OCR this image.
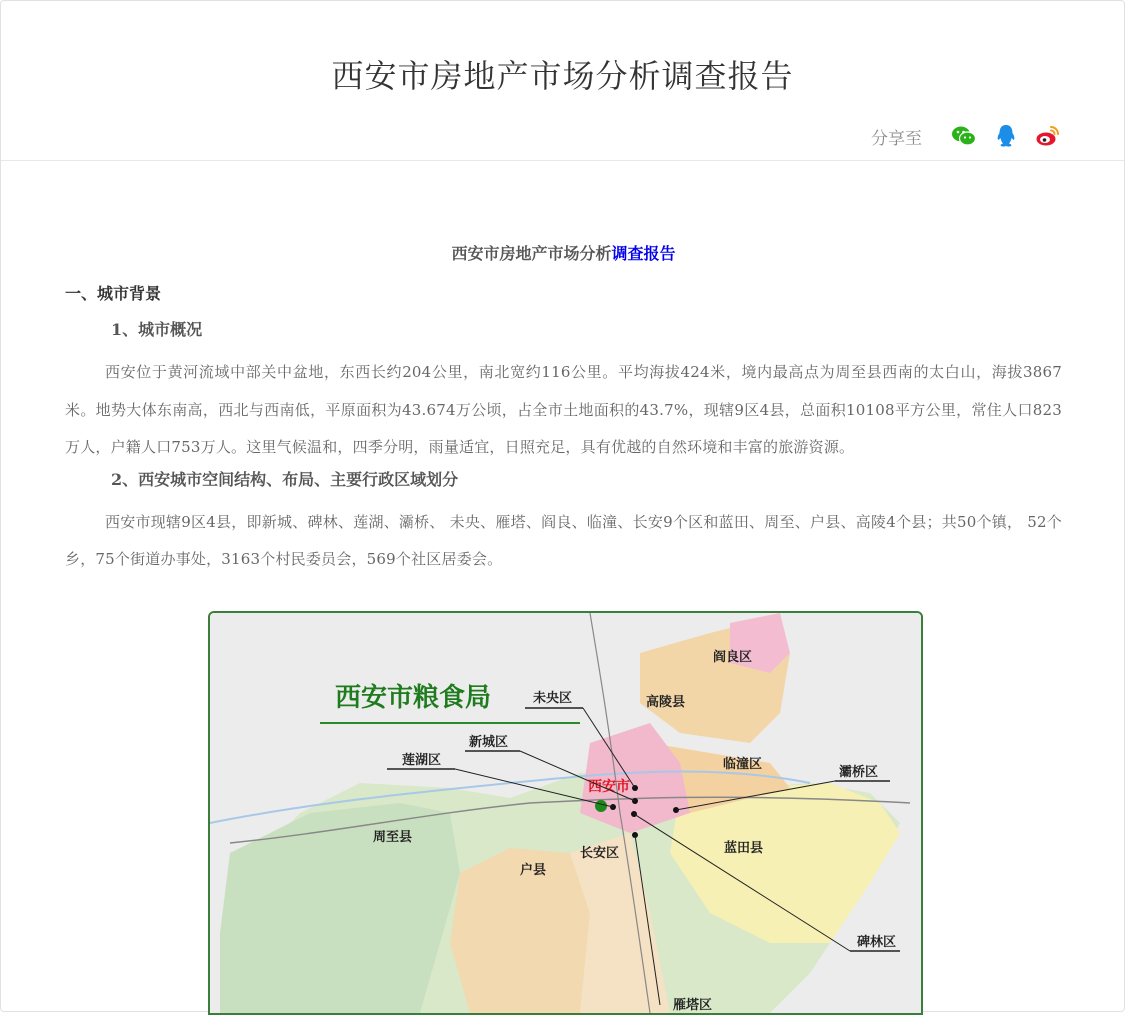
西安市房地产市场分析调查报告
分享至
西安市房地产市场分析调查报告
一、城市背景
1、城市概况

西安位于黄河流域中部关中盆地，东西长约204公里，南北宽约116公里。平均海拔424米，境内最高点为周至县西南的太白山，海拔3867米。地势大体东南高，西北与西南低，平原面积为43.674万公顷，占全市土地面积的43.7%，现辖9区4县，总面积10108平方公里，常住人口823万人，户籍人口753万人。这里气候温和，四季分明，雨量适宜，日照充足，具有优越的自然环境和丰富的旅游资源。

2、西安城市空间结构、布局、主要行政区域划分

西安市现辖9区4县，即新城、碑林、莲湖、灞桥、 未央、雁塔、阎良、临潼、长安9个区和蓝田、周至、户县、高陵4个县；共50个镇， 52个乡，75个街道办事处，3163个村民委员会，569个社区居委会。

西安市粮食局
西安市
阎良区
未央区	高陵县
新城区
莲湖区	临潼区
灞桥区
周至县
长安区
户县
蓝田县
碑林区
雁塔区
